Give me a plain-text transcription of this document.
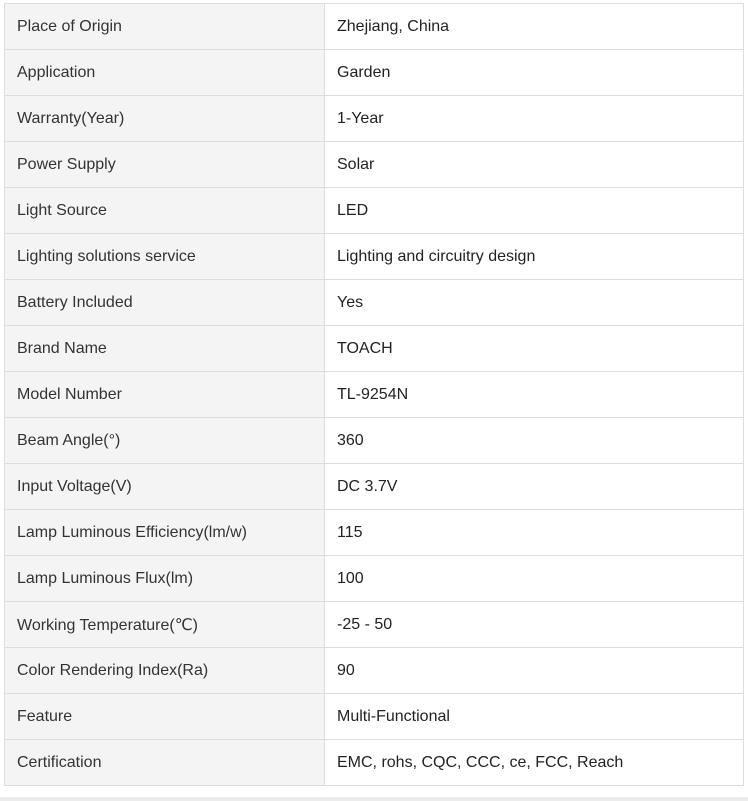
Place of Origin	Zhejiang, China
Application	Garden
Warranty(Year)	1-Year
Power Supply	Solar
Light Source	LED
Lighting solutions service	Lighting and circuitry design
Battery Included	Yes
Brand Name	TOACH
Model Number	TL-9254N
Beam Angle(°)	360
Input Voltage(V)	DC 3.7V
Lamp Luminous Efficiency(lm/w)	115
Lamp Luminous Flux(lm)	100
Working Temperature(℃)	-25 - 50
Color Rendering Index(Ra)	90
Feature	Multi-Functional
Certification	EMC, rohs, CQC, CCC, ce, FCC, Reach
